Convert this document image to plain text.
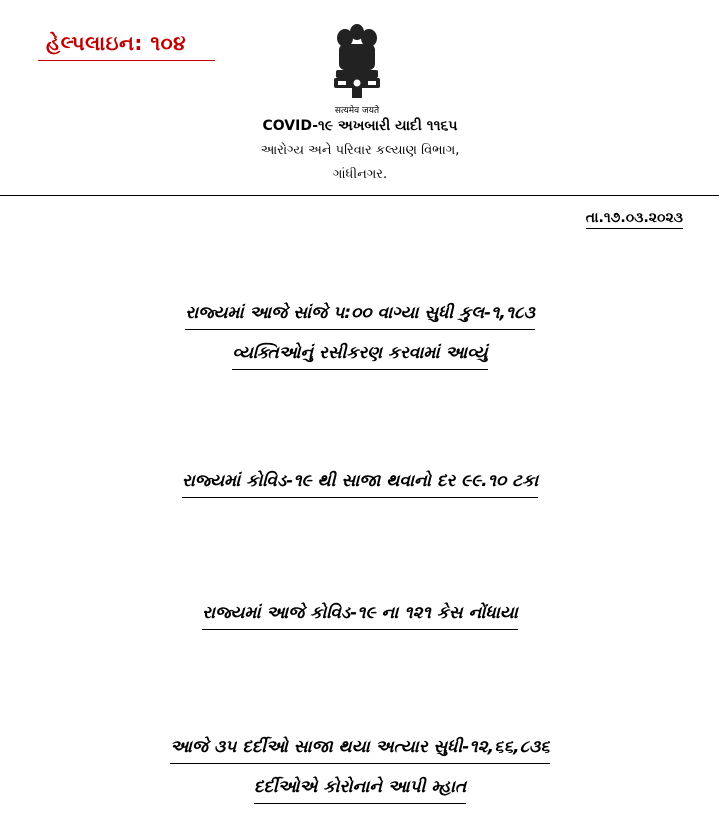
હેલ્પલાઇન: ૧૦૪
सत्यमेव जयते
COVID-૧૯ અખબારી યાદી ૧૧૬૫
આરોગ્ય અને પરિવાર કલ્યાણ વિભાગ,
ગાંધીનગર.
તા.૧૭.૦૩.૨૦૨૩
રાજ્યમાં આજે સાંજે ૫:૦૦ વાગ્યા સુધી કુલ-૧,૧૮૩
વ્યક્તિઓનું રસીકરણ કરવામાં આવ્યું
રાજ્યમાં કોવિડ-૧૯ થી સાજા થવાનો દર ૯૯.૧૦ ટકા
રાજ્યમાં આજે કોવિડ-૧૯ ના ૧૨૧ કેસ નોંધાયા
આજે ૩૫ દર્દીઓ સાજા થયા અત્યાર સુધી-૧૨,૬૬,૮૩૬
દર્દીઓએ કોરોનાને આપી મ્હાત
